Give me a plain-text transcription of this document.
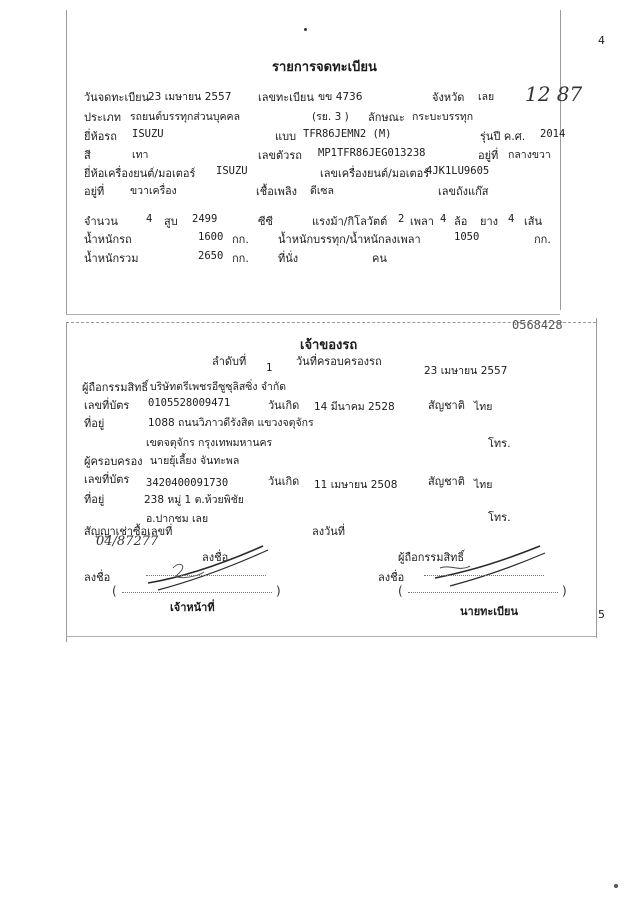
4
5
รายการจดทะเบียน
12 87
วันจดทะเบียน
23 เมษายน 2557 เลขทะเบียน ขข 4736	จังหวัด เลย
ประเภท รถยนต์บรรทุกส่วนบุคคล	(รย. 3 ) ลักษณะ กระบะบรรทุก
ยี่ห้อรถ ISUZU	แบบ TFR86JEMN2 (M)	รุ่นปี ค.ศ. 2014
สี	เทา	เลขตัวรถ MP1TFR86JEG013238	อยู่ที่ กลางขวา
ยี่ห้อเครื่องยนต์/มอเตอร์ ISUZU	เลขเครื่องยนต์/มอเตอร์
4JK1LU9605
อยู่ที่ ขวาเครื่อง	เชื้อเพลิง ดีเซล	เลขถังแก๊ส
จำนวน	4 สูบ 2499	ซีซี	แรงม้า/กิโลวัตต์ 2 เพลา 4 ล้อ ยาง 4 เส้น
น้ำหนักรถ	1600 กก.	น้ำหนักบรรทุก/น้ำหนักลงเพลา	1050	กก.
น้ำหนักรวม	2650 กก.	ที่นั่ง	คน
0568428
เจ้าของรถ
ลำดับที่ 1 วันที่ครอบครองรถ
23 เมษายน 2557
ผู้ถือกรรมสิทธิ์ บริษัทตรีเพชรอีซูซุลิสซิ่ง จำกัด
เลขที่บัตร 0105528009471	วันเกิด 14 มีนาคม 2528	สัญชาติ ไทย
ที่อยู่	1088 ถนนวิภาวดีรังสิต แขวงจตุจักร
เขตจตุจักร กรุงเทพมหานคร	โทร.
ผู้ครอบครอง นายยุ้เลี้ยง จันทะพล
เลขที่บัตร 3420400091730	วันเกิด 11 เมษายน 2508	สัญชาติ ไทย
ที่อยู่	238 หมู่ 1 ต.ห้วยพิชัย
อ.ปากชม เลย	โทร.
สัญญาเช่าซื้อเลขที่
04/87277
ลงวันที่
ลงชื่อ	ผู้ถือกรรมสิทธิ์
ลงชื่อ	ลงชื่อ
(	)	(	)
เจ้าหน้าที่	นายทะเบียน
